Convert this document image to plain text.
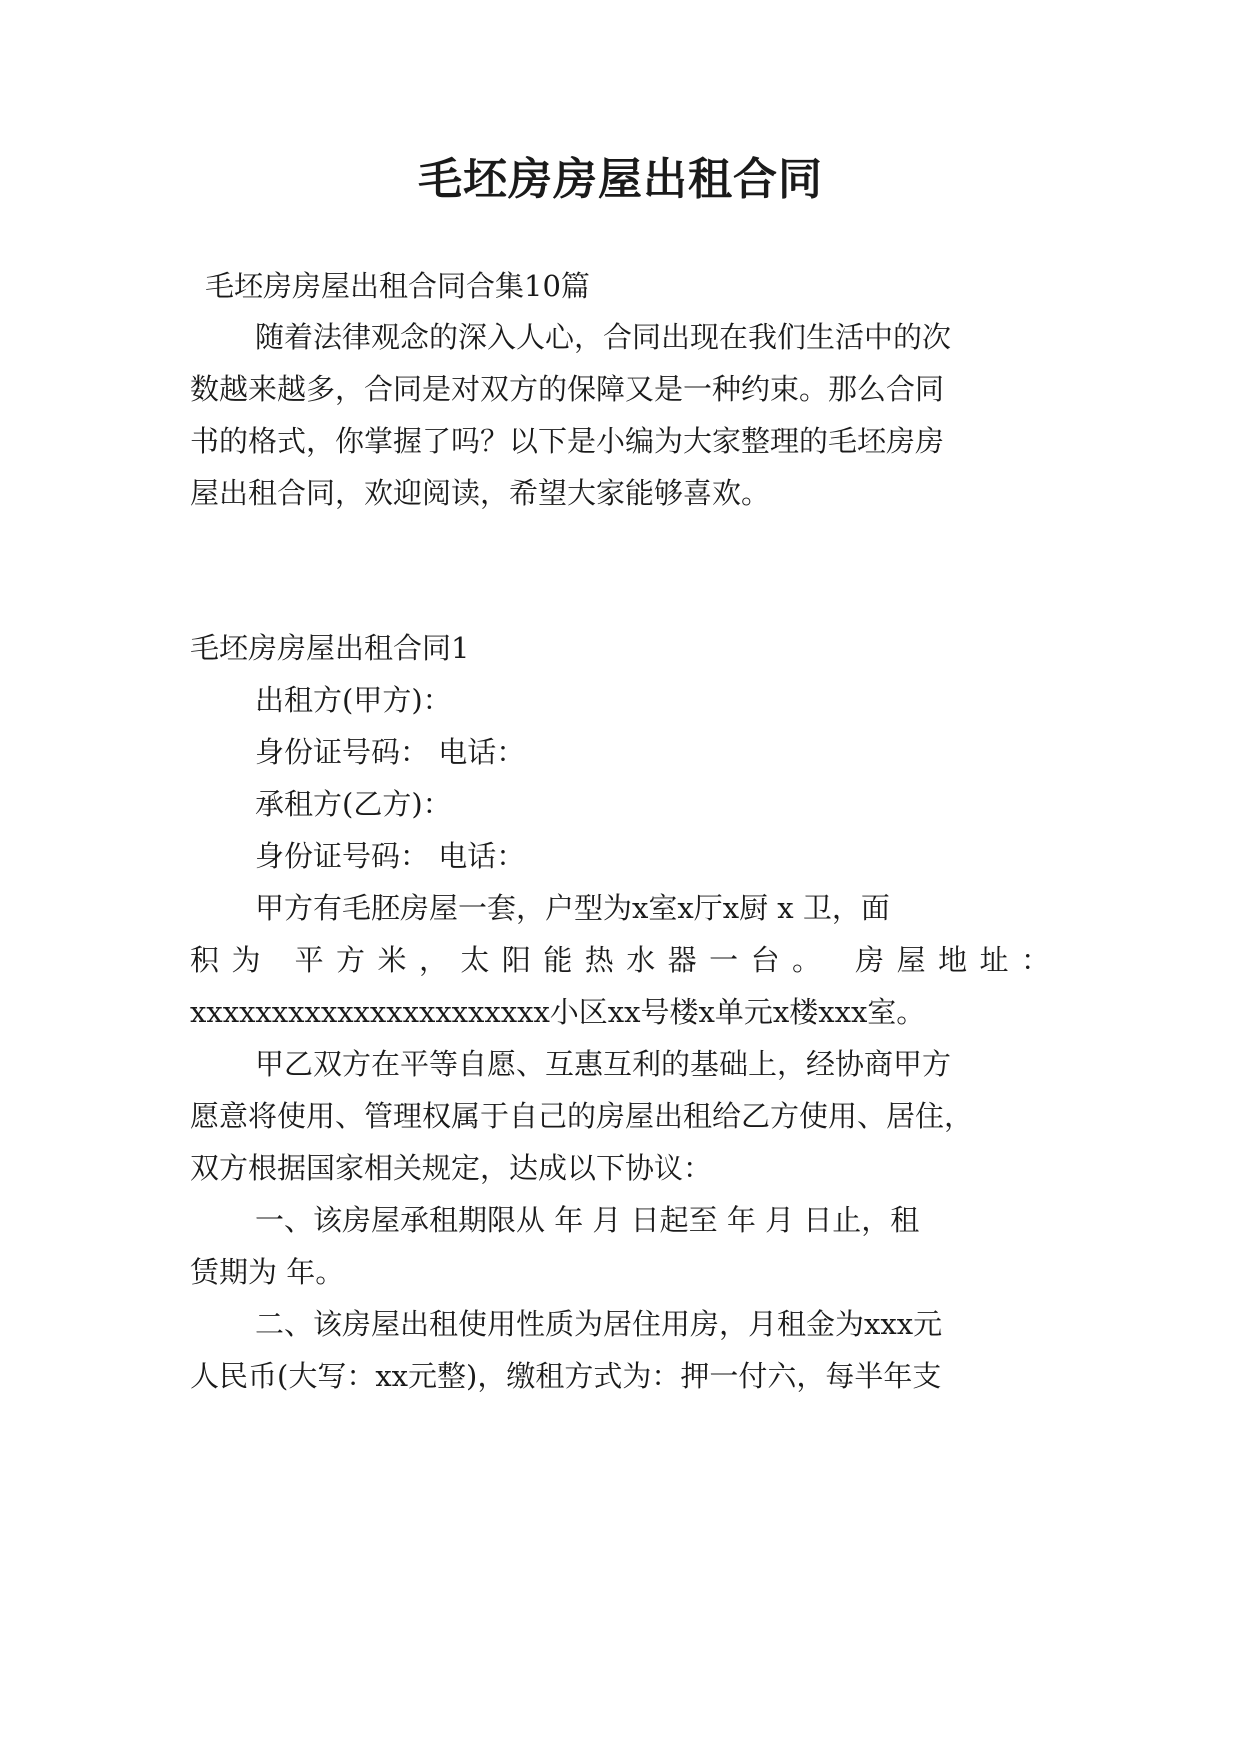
毛坯房房屋出租合同

毛坯房房屋出租合同合集10篇

随着法律观念的深入人心，合同出现在我们生活中的次

数越来越多，合同是对双方的保障又是一种约束。那么合同

书的格式，你掌握了吗？以下是小编为大家整理的毛坯房房

屋出租合同，欢迎阅读，希望大家能够喜欢。

毛坯房房屋出租合同1

出租方(甲方)：

身份证号码： 电话：

承租方(乙方)：

身份证号码： 电话：

甲方有毛胚房屋一套，户型为x室x厅x厨 x 卫，面

积为 平方米，太阳能热水器一台。 房屋地址：

xxxxxxxxxxxxxxxxxxxxxx小区xx号楼x单元x楼xxx室。

甲乙双方在平等自愿、互惠互利的基础上，经协商甲方

愿意将使用、管理权属于自己的房屋出租给乙方使用、居住，

双方根据国家相关规定，达成以下协议：

一、该房屋承租期限从 年 月 日起至 年 月 日止，租

赁期为 年。

二、该房屋出租使用性质为居住用房，月租金为xxx元

人民币(大写：xx元整)，缴租方式为：押一付六，每半年支
